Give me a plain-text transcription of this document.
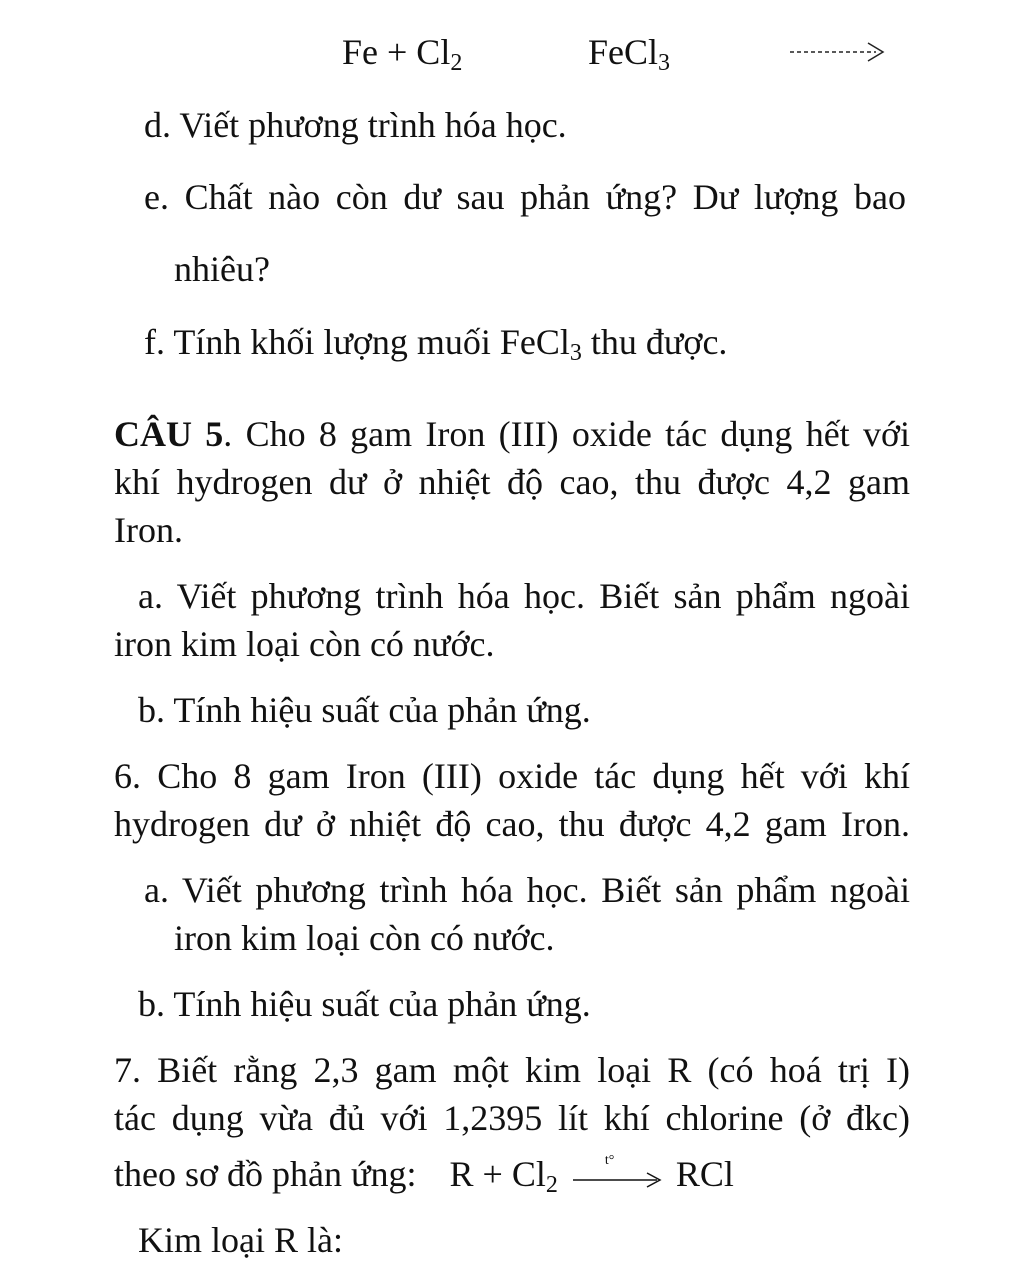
$Fe + Cl_2$	FeCl$_3$
d. Viết phương trình hóa học.
e. Chất nào còn dư sau phản ứng? Dư lượng bao
nhiêu?
f. Tính khối lượng muối FeCl$_3$ thu được.
CÂU 5. Cho 8 gam Iron (III) oxide tác dụng hết với
khí hydrogen dư ở nhiệt độ cao, thu được 4,2 gam
Iron.
a. Viết phương trình hóa học. Biết sản phẩm ngoài
iron kim loại còn có nước.
b. Tính hiệu suất của phản ứng.
6. Cho 8 gam Iron (III) oxide tác dụng hết với khí
hydrogen dư ở nhiệt độ cao, thu được 4,2 gam Iron.
a. Viết phương trình hóa học. Biết sản phẩm ngoài
iron kim loại còn có nước.
b. Tính hiệu suất của phản ứng.
7. Biết rằng 2,3 gam một kim loại R (có hoá trị I)
tác dụng vừa đủ với 1,2395 lít khí chlorine (ở đkc)
theo sơ đồ phản ứng: $R + Cl_2$
t° RCl
Kim loại R là:
